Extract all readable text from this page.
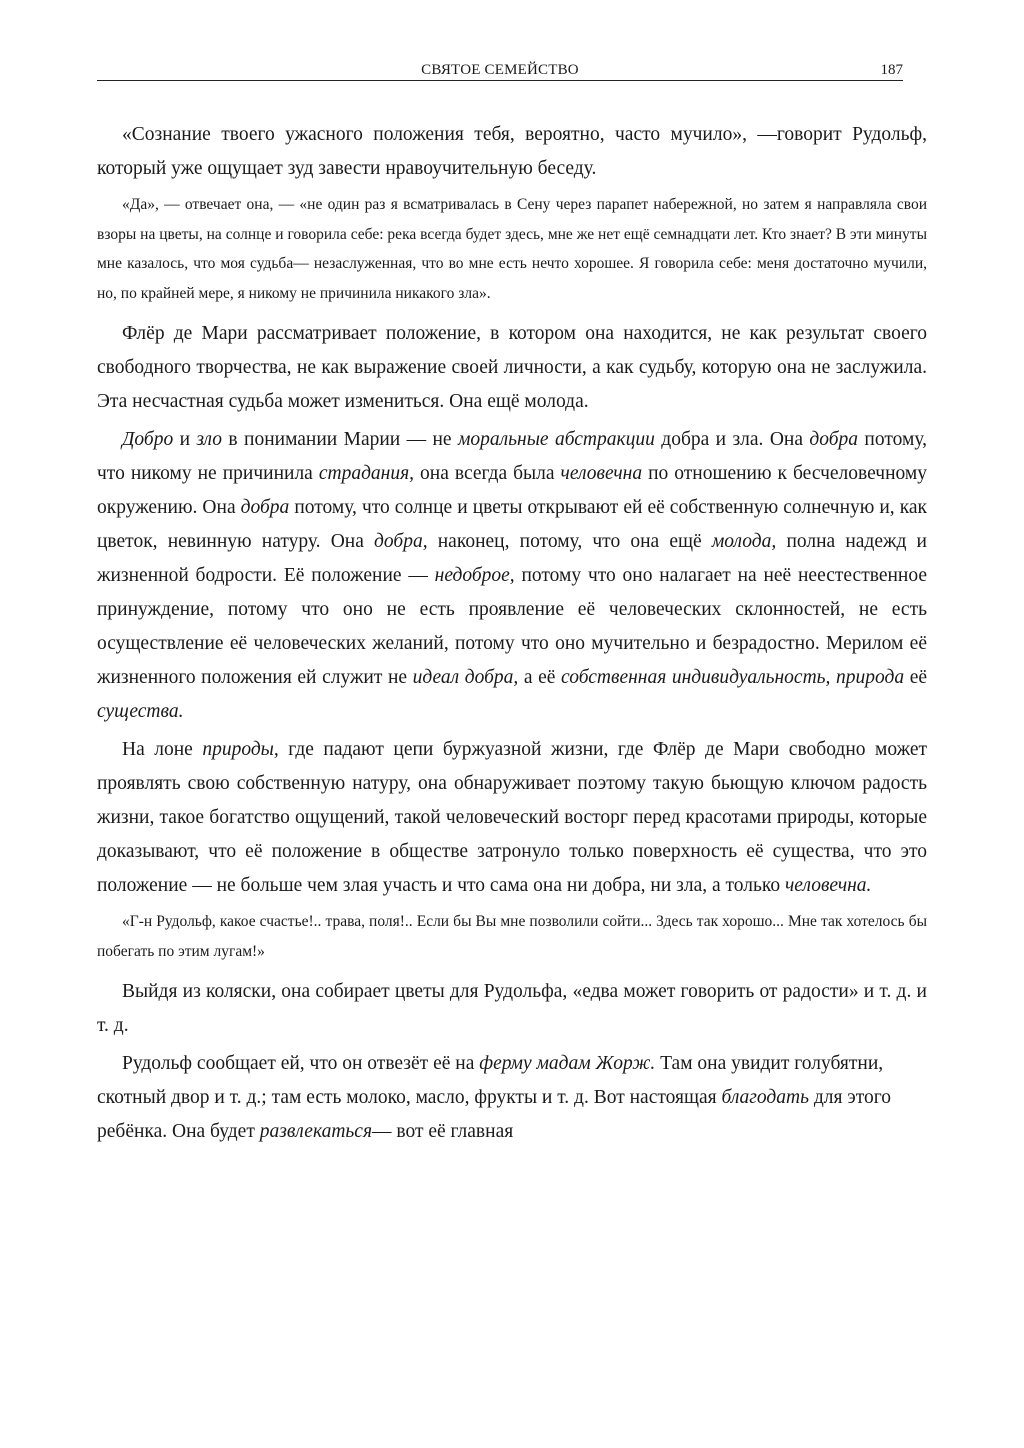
СВЯТОЕ СЕМЕЙСТВО	187

«Сознание твоего ужасного положения тебя, вероятно, часто мучило», —говорит Рудольф, который уже ощущает зуд завести нравоучительную беседу.

«Да», — отвечает она, — «не один раз я всматривалась в Сену через парапет набережной, но затем я направляла свои взоры на цветы, на солнце и говорила себе: река всегда будет здесь, мне же нет ещё семнадцати лет. Кто знает? В эти минуты мне казалось, что моя судьба— незаслуженная, что во мне есть нечто хорошее. Я говорила себе: меня достаточно мучили, но, по крайней мере, я никому не причинила никакого зла».

Флёр де Мари рассматривает положение, в котором она находится, не как результат своего свободного творчества, не как выражение своей личности, а как судьбу, которую она не заслужила. Эта несчастная судьба может измениться. Она ещё молода.

Добро и зло в понимании Марии — не моральные абстракции добра и зла. Она добра потому, что никому не причинила страдания, она всегда была человечна по отношению к бесчеловечному окружению. Она добра потому, что солнце и цветы открывают ей её собственную солнечную и, как цветок, невинную натуру. Она добра, наконец, потому, что она ещё молода, полна надежд и жизненной бодрости. Её положение — недоброе, потому что оно налагает на неё неестественное принуждение, потому что оно не есть проявление её человеческих склонностей, не есть осуществление её человеческих желаний, потому что оно мучительно и безрадостно. Мерилом её жизненного положения ей служит не идеал добра, а её собственная индивидуальность, природа её существа.

На лоне природы, где падают цепи буржуазной жизни, где Флёр де Мари свободно может проявлять свою собственную натуру, она обнаруживает поэтому такую бьющую ключом радость жизни, такое богатство ощущений, такой человеческий восторг перед красотами природы, которые доказывают, что её положение в обществе затронуло только поверхность её существа, что это положение — не больше чем злая участь и что сама она ни добра, ни зла, а только человечна.

«Г-н Рудольф, какое счастье!.. трава, поля!.. Если бы Вы мне позволили сойти... Здесь так хорошо... Мне так хотелось бы побегать по этим лугам!»

Выйдя из коляски, она собирает цветы для Рудольфа, «едва может говорить от радости» и т. д. и т. д.

Рудольф сообщает ей, что он отвезёт её на ферму мадам Жорж. Там она увидит голубятни, скотный двор и т. д.; там есть молоко, масло, фрукты и т. д. Вот настоящая благодать для этого ребёнка. Она будет развлекаться— вот её главная
